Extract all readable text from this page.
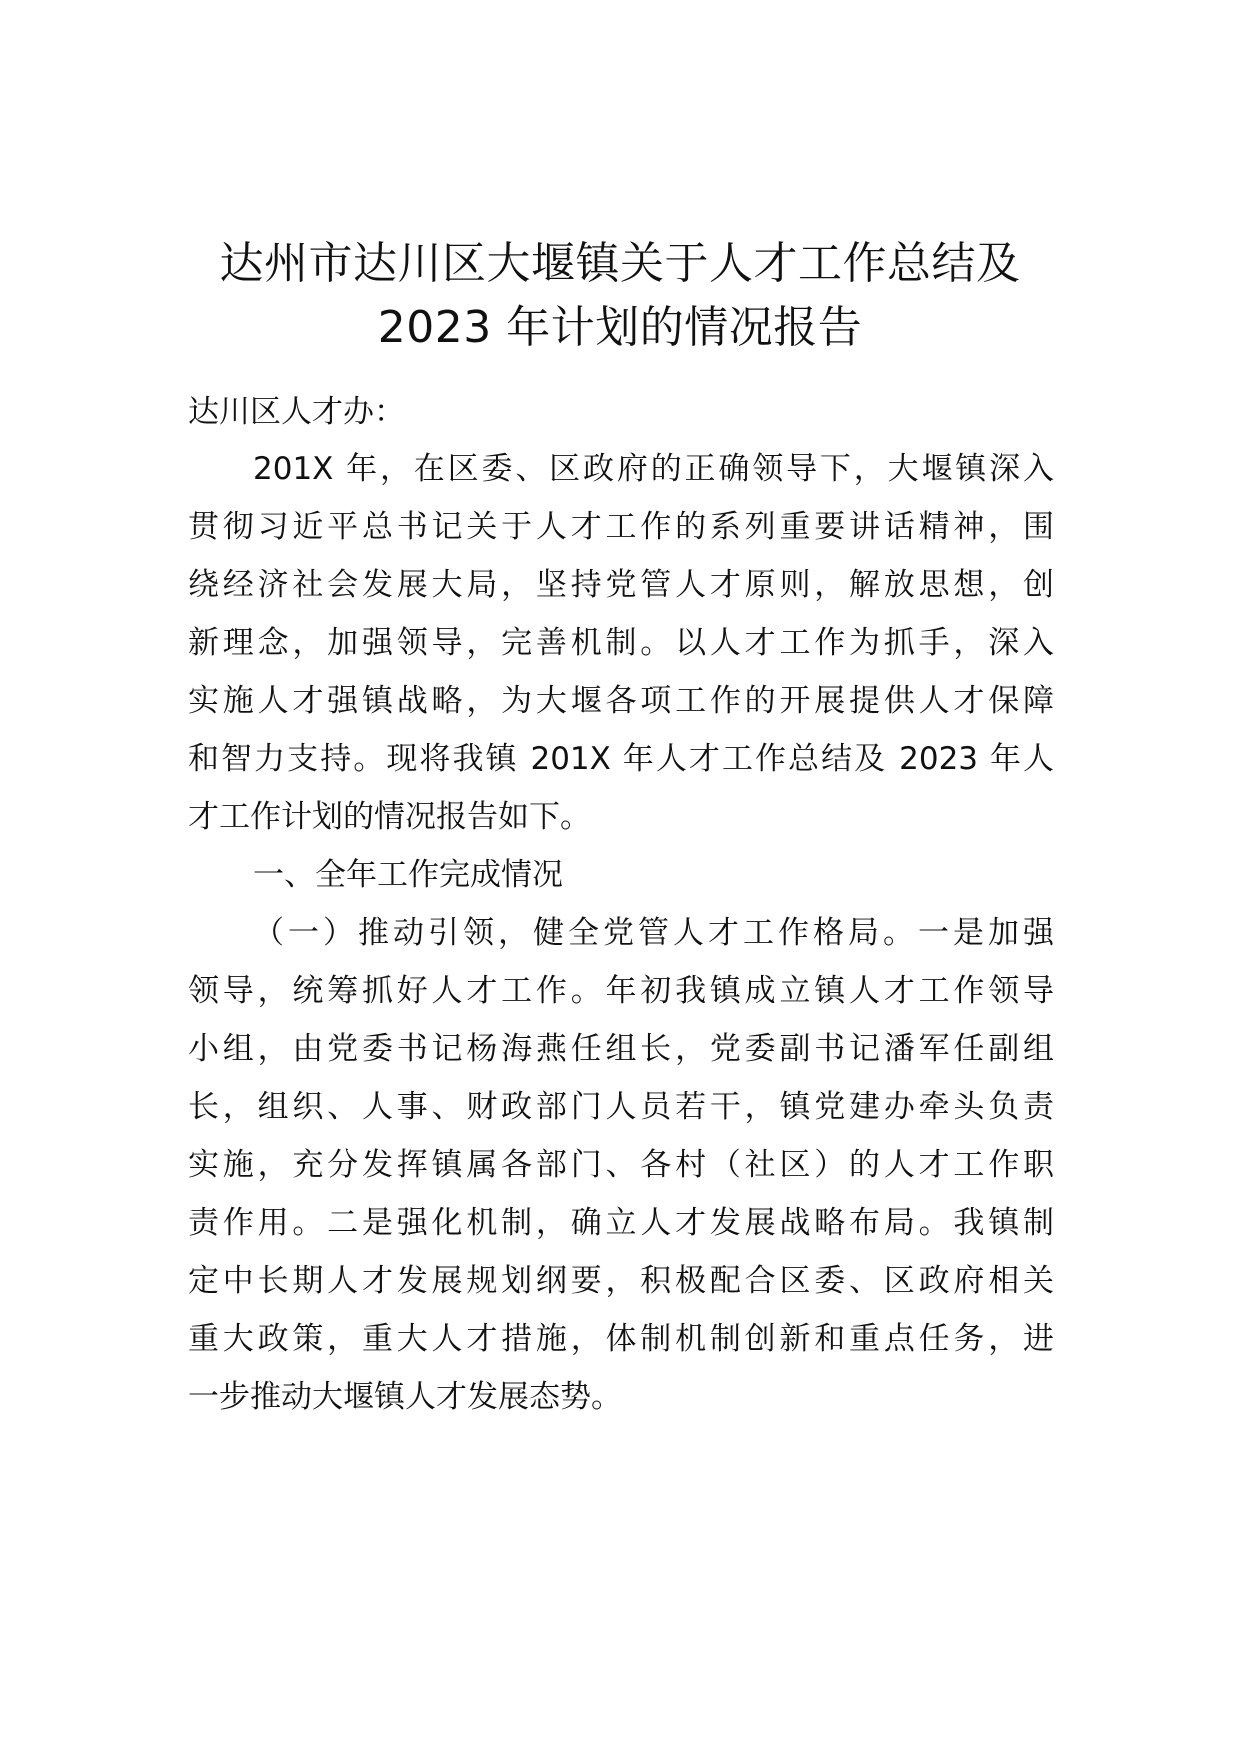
达州市达川区大堰镇关于人才工作总结及
2023 年计划的情况报告

达川区人才办：

201X 年，在区委、区政府的正确领导下，大堰镇深入

贯彻习近平总书记关于人才工作的系列重要讲话精神，围

绕经济社会发展大局，坚持党管人才原则，解放思想，创

新理念，加强领导，完善机制。以人才工作为抓手，深入

实施人才强镇战略，为大堰各项工作的开展提供人才保障

和智力支持。现将我镇 201X 年人才工作总结及 2023 年人

才工作计划的情况报告如下。

一、全年工作完成情况

（一）推动引领，健全党管人才工作格局。一是加强

领导，统筹抓好人才工作。年初我镇成立镇人才工作领导

小组，由党委书记杨海燕任组长，党委副书记潘军任副组

长，组织、人事、财政部门人员若干，镇党建办牵头负责

实施，充分发挥镇属各部门、各村（社区）的人才工作职

责作用。二是强化机制，确立人才发展战略布局。我镇制

定中长期人才发展规划纲要，积极配合区委、区政府相关

重大政策，重大人才措施，体制机制创新和重点任务，进

一步推动大堰镇人才发展态势。
